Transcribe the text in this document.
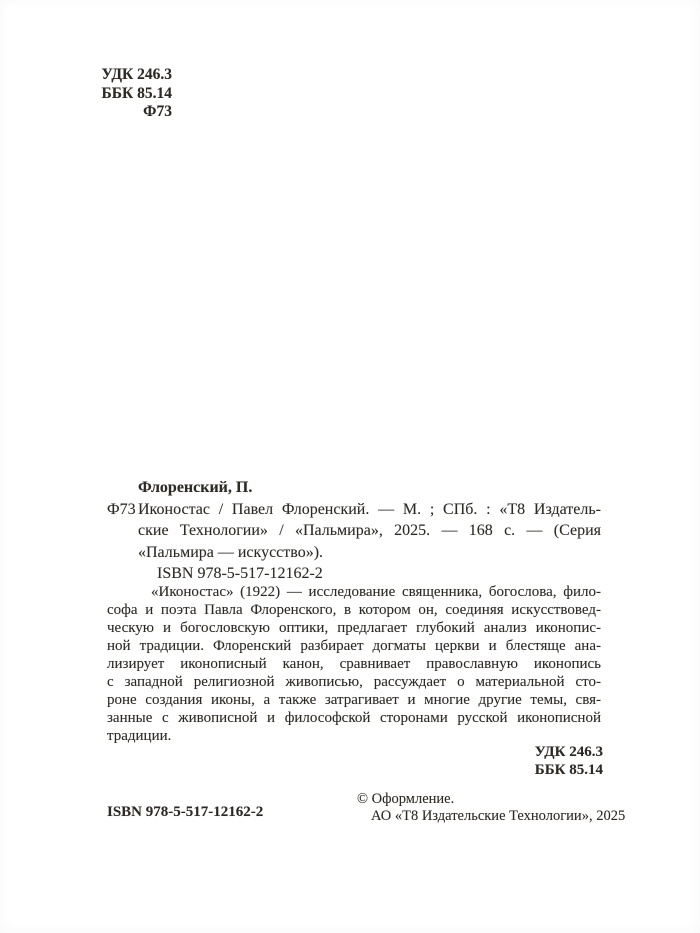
УДК 246.3
ББК 85.14
Ф73
Флоренский, П.
Ф73 Иконостас / Павел Флоренский. — М. ; СПб. : «Т8 Издатель-
ские Технологии» / «Пальмира», 2025. — 168 с. — (Серия
«Пальмира — искусство»).
ISBN 978-5-517-12162-2
«Иконостас» (1922) — исследование священника, богослова, фило-
софа и поэта Павла Флоренского, в котором он, соединяя искусствовед-
ческую и богословскую оптики, предлагает глубокий анализ иконопис-
ной традиции. Флоренский разбирает догматы церкви и блестяще ана-
лизирует иконописный канон, сравнивает православную иконопись
с западной религиозной живописью, рассуждает о материальной сто-
роне создания иконы, а также затрагивает и многие другие темы, свя-
занные с живописной и философской сторонами русской иконописной
традиции.
УДК 246.3
ББК 85.14
ISBN 978-5-517-12162-2
© Оформление.
АО «Т8 Издательские Технологии», 2025
